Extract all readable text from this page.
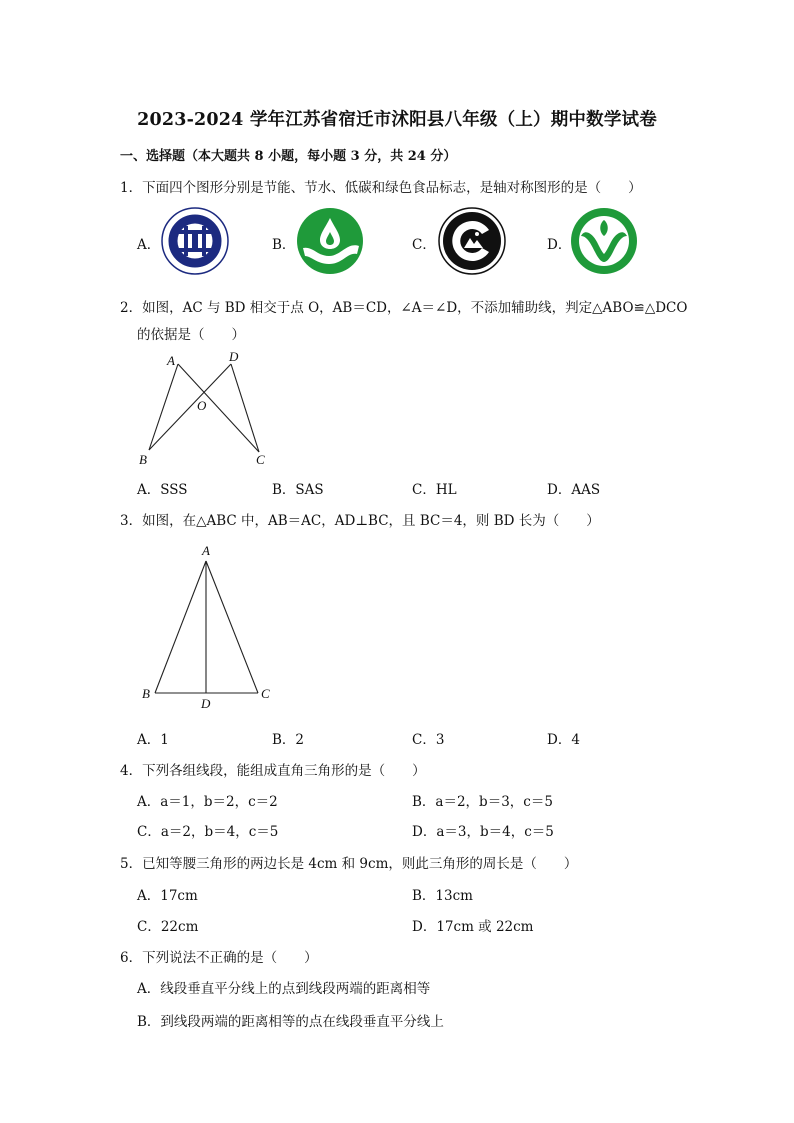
2023-2024 学年江苏省宿迁市沭阳县八年级（上）期中数学试卷
一、选择题（本大题共 8 小题，每小题 3 分，共 24 分）
1．下面四个图形分别是节能、节水、低碳和绿色食品标志，是轴对称图形的是（　　）
A．	B．	C．	D．
2．如图，AC 与 BD 相交于点 O，AB＝CD，∠A＝∠D，不添加辅助线，判定△ABO≌△DCO
的依据是（　　）
A	D
O
B	C
A．SSS	B．SAS	C．HL	D．AAS
3．如图，在△ABC 中，AB＝AC，AD⊥BC，且 BC＝4，则 BD 长为（　　）
A
B
D
C
A．1	B．2	C．3	D．4
4．下列各组线段，能组成直角三角形的是（　　）
A．a＝1，b＝2，c＝2	B．a＝2，b＝3，c＝5
C．a＝2，b＝4，c＝5	D．a＝3，b＝4，c＝5
5．已知等腰三角形的两边长是 4cm 和 9cm，则此三角形的周长是（　　）
A．17cm	B．13cm
C．22cm	D．17cm 或 22cm
6．下列说法不正确的是（　　）
A．线段垂直平分线上的点到线段两端的距离相等
B．到线段两端的距离相等的点在线段垂直平分线上
